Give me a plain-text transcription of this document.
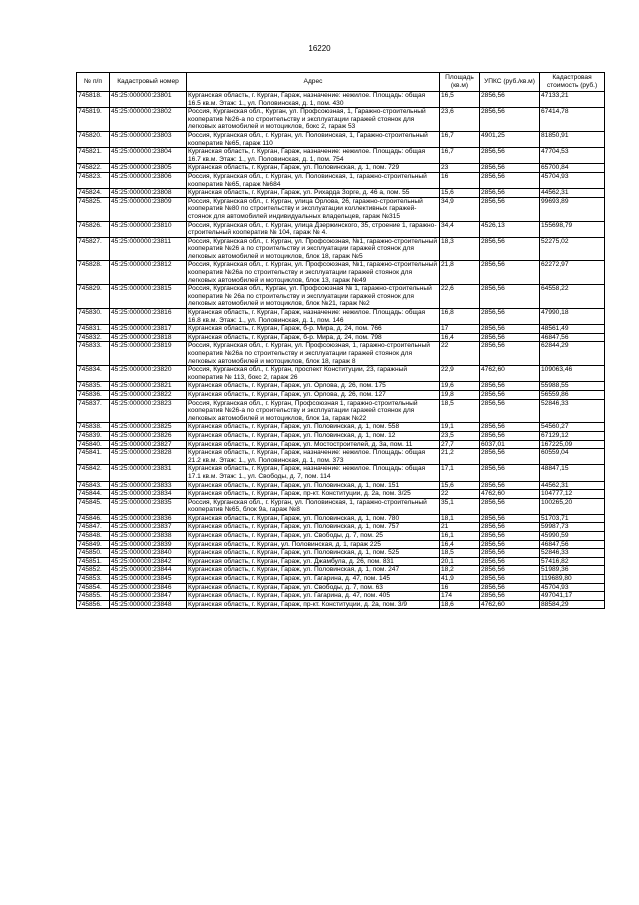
16220
№ п/п	Кадастровый номер	Адрес	Площадь (кв.м)	УПКС (руб./кв.м)	Кадастровая стоимость (руб.)
745818.	45:25:000000:23801	Курганская область, г. Курган, Гараж, назначение: нежилое. Площадь: общая 16.5 кв.м. Этаж: 1., ул. Половинская, д. 1, пом. 430	16,5	2856,56	47133,21
745819.	45:25:000000:23802	Россия, Курганская обл., Курган, ул. Профсоюзная, 1, Гаражно-строительный кооператив №26-а по строительству и эксплуатации гаражей стоянок для легковых автомобилей и мотоциклов, бокс 2, гараж 53	23,6	2856,56	67414,78
745820.	45:25:000000:23803	Россия, Курганская обл., г. Курган, ул. Половинская, 1, Гаражно-строительный кооператив №65, гараж 110	16,7	4901,25	81850,91
745821.	45:25:000000:23804	Курганская область, г. Курган, Гараж, назначение: нежилое. Площадь: общая 16.7 кв.м. Этаж: 1., ул. Половинская, д. 1, пом. 754	16,7	2856,56	47704,53
745822.	45:25:000000:23805	Курганская область, г. Курган, Гараж, ул. Половинская, д. 1, пом. 729	23	2856,56	65700,84
745823.	45:25:000000:23806	Россия, Курганская обл., г. Курган, ул. Половинская, 1, гаражно-строительный кооператив №65, гараж №684	16	2856,56	45704,93
745824.	45:25:000000:23808	Курганская область, г. Курган, Гараж, ул. Рихарда Зорге, д. 46 а, пом. 55	15,6	2856,56	44562,31
745825.	45:25:000000:23809	Россия, Курганская обл., г. Курган, улица Орлова, 26, гаражно-строительный кооператив №80 по строительству и эксплуатации коллективных гаражей-стоянок для автомобилей индивидуальных владельцев, гараж №315	34,9	2856,56	99693,89
745826.	45:25:000000:23810	Россия, Курганская обл., г. Курган, улица Дзержинского, 35, строение 1, гаражно-строительный кооператив № 104, гараж № 4.	34,4	4526,13	155698,79
745827.	45:25:000000:23811	Россия, Курганская обл., г. Курган, ул. Профсоюзная, №1, гаражно-строительный кооператив №26 а по строительству и эксплуатации гаражей стоянок для легковых автомобилей и мотоциклов, блок 18, гараж №5	18,3	2856,56	52275,02
745828.	45:25:000000:23812	Россия, Курганская обл., г. Курган, ул. Профсоюзная, №1, гаражно-строительный кооператив №26а по строительству и эксплуатации гаражей стоянок для легковых автомобилей и мотоциклов, блок 13, гараж №49	21,8	2856,56	62272,97
745829.	45:25:000000:23815	Россия, Курганская обл., Курган, ул. Профсоюзная № 1, гаражно-строительный кооператив № 26а по строительству и эксплуатации гаражей стоянок для легковых автомобилей и мотоциклов, блок №21, гараж №2	22,6	2856,56	64558,22
745830.	45:25:000000:23816	Курганская область, г. Курган, Гараж, назначение: нежилое. Площадь: общая 16.8 кв.м. Этаж: 1., ул. Половинская, д. 1, пом. 146	16,8	2856,56	47990,18
745831.	45:25:000000:23817	Курганская область, г. Курган, Гараж, б-р. Мира, д. 24, пом. 766	17	2856,56	48561,49
745832.	45:25:000000:23818	Курганская область, г. Курган, Гараж, б-р. Мира, д. 24, пом. 798	16,4	2856,56	46847,56
745833.	45:25:000000:23819	Россия, Курганская обл., г. Курган, ул. Профсоюзная, 1, гаражно-строительный кооператив №26а по строительству и эксплуатации гаражей стоянок для легковых автомобилей и мотоциклов, блок 18, гараж 8	22	2856,56	62844,29
745834.	45:25:000000:23820	Россия, Курганская обл., г. Курган, проспект Конституции, 23, гаражный кооператив № 113, бокс 2, гараж 26	22,9	4762,60	109063,46
745835.	45:25:000000:23821	Курганская область, г. Курган, Гараж, ул. Орлова, д. 26, пом. 175	19,6	2856,56	55988,55
745836.	45:25:000000:23822	Курганская область, г. Курган, Гараж, ул. Орлова, д. 26, пом. 127	19,8	2856,56	56559,86
745837.	45:25:000000:23823	Россия, Курганская обл., г. Курган, Профсоюзная 1, гаражно-строительный кооператив №26-а по строительству и эксплуатации гаражей стоянок для легковых автомобилей и мотоциклов, блок 1а, гараж №22	18,5	2856,56	52846,33
745838.	45:25:000000:23825	Курганская область, г. Курган, Гараж, ул. Половинская, д. 1, пом. 558	19,1	2856,56	54560,27
745839.	45:25:000000:23826	Курганская область, г. Курган, Гараж, ул. Половинская, д. 1, пом. 12	23,5	2856,56	67129,12
745840.	45:25:000000:23827	Курганская область, г. Курган, Гараж, ул. Мостостроителей, д. 3а, пом. 11	27,7	6037,01	167225,09
745841.	45:25:000000:23828	Курганская область, г. Курган, Гараж, назначение: нежилое. Площадь: общая 21.2 кв.м. Этаж: 1., ул. Половинская, д. 1, пом. 373	21,2	2856,56	60559,04
745842.	45:25:000000:23831	Курганская область, г. Курган, Гараж, назначение: нежилое. Площадь: общая 17.1 кв.м. Этаж: 1., ул. Свободы, д. 7, пом. 114	17,1	2856,56	48847,15
745843.	45:25:000000:23833	Курганская область, г. Курган, Гараж, ул. Половинская, д. 1, пом. 151	15,6	2856,56	44562,31
745844.	45:25:000000:23834	Курганская область, г. Курган, Гараж, пр-кт. Конституции, д. 2а, пом. 3/25	22	4762,60	104777,12
745845.	45:25:000000:23835	Россия, Курганская обл., г. Курган, ул. Половинская, 1, гаражно-строительный кооператив №65, блок 9а, гараж №8	35,1	2856,56	100265,20
745846.	45:25:000000:23836	Курганская область, г. Курган, Гараж, ул. Половинская, д. 1, пом. 780	18,1	2856,56	51703,71
745847.	45:25:000000:23837	Курганская область, г. Курган, Гараж, ул. Половинская, д. 1, пом. 757	21	2856,56	59987,73
745848.	45:25:000000:23838	Курганская область, г. Курган, Гараж, ул. Свободы, д. 7, пом. 25	16,1	2856,56	45990,59
745849.	45:25:000000:23839	Курганская область, г. Курган, ул. Половинская, д. 1, гараж 225	16,4	2856,56	46847,56
745850.	45:25:000000:23840	Курганская область, г. Курган, Гараж, ул. Половинская, д. 1, пом. 525	18,5	2856,56	52846,33
745851.	45:25:000000:23842	Курганская область, г. Курган, Гараж, ул. Джамбула, д. 26, пом. 831	20,1	2856,56	57416,82
745852.	45:25:000000:23844	Курганская область, г. Курган, Гараж, ул. Половинская, д. 1, пом. 247	18,2	2856,56	51989,36
745853.	45:25:000000:23845	Курганская область, г. Курган, Гараж, ул. Гагарина, д. 47, пом. 145	41,9	2856,56	119689,80
745854.	45:25:000000:23846	Курганская область, г. Курган, Гараж, ул. Свободы, д. 7, пом. 63	16	2856,56	45704,93
745855.	45:25:000000:23847	Курганская область, г. Курган, Гараж, ул. Гагарина, д. 47, пом. 405	174	2856,56	497041,17
745856.	45:25:000000:23848	Курганская область, г. Курган, Гараж, пр-кт. Конституции, д. 2а, пом. 3/9	18,6	4762,60	88584,29
